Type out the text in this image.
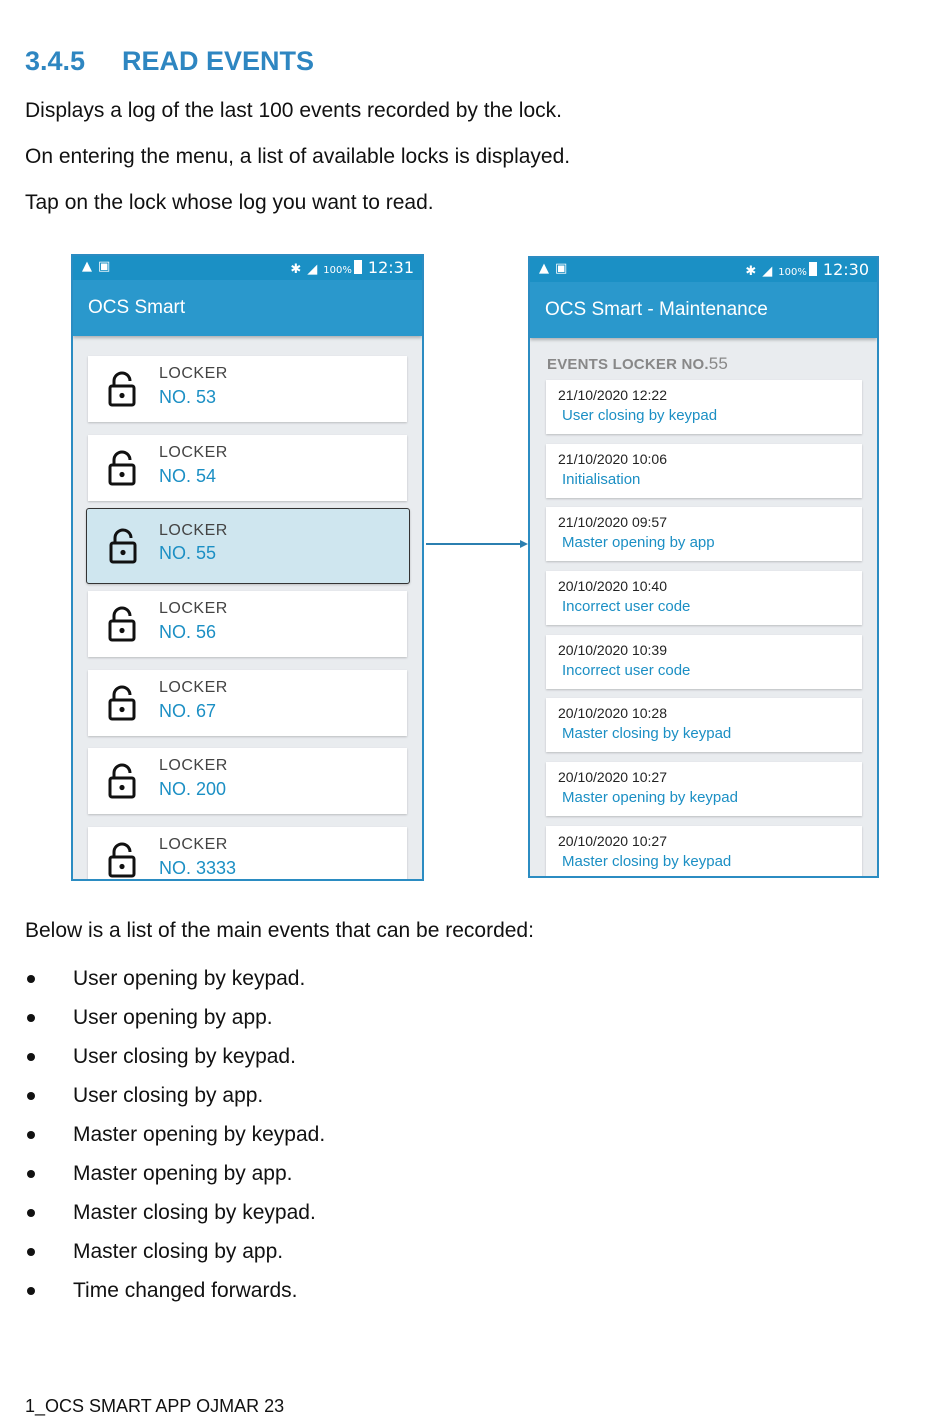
3.4.5 READ EVENTS

Displays a log of the last 100 events recorded by the lock.

On entering the menu, a list of available locks is displayed.

Tap on the lock whose log you want to read.

▲ ▣	✱ ◢ 100% 12:31
OCS Smart
LOCKER
NO. 53
LOCKER
NO. 54
LOCKER
NO. 55
LOCKER
NO. 56
LOCKER
NO. 67
LOCKER
NO. 200
LOCKER
NO. 3333
▲ ▣	✱ ◢ 100% 12:30
OCS Smart - Maintenance
EVENTS LOCKER NO.55
21/10/2020 12:22
User closing by keypad
21/10/2020 10:06
Initialisation
21/10/2020 09:57
Master opening by app
20/10/2020 10:40
Incorrect user code
20/10/2020 10:39
Incorrect user code
20/10/2020 10:28
Master closing by keypad
20/10/2020 10:27
Master opening by keypad
20/10/2020 10:27
Master closing by keypad

Below is a list of the main events that can be recorded:

User opening by keypad.
User opening by app.
User closing by keypad.
User closing by app.
Master opening by keypad.
Master opening by app.
Master closing by keypad.
Master closing by app.
Time changed forwards.
1_OCS SMART APP OJMAR 23
